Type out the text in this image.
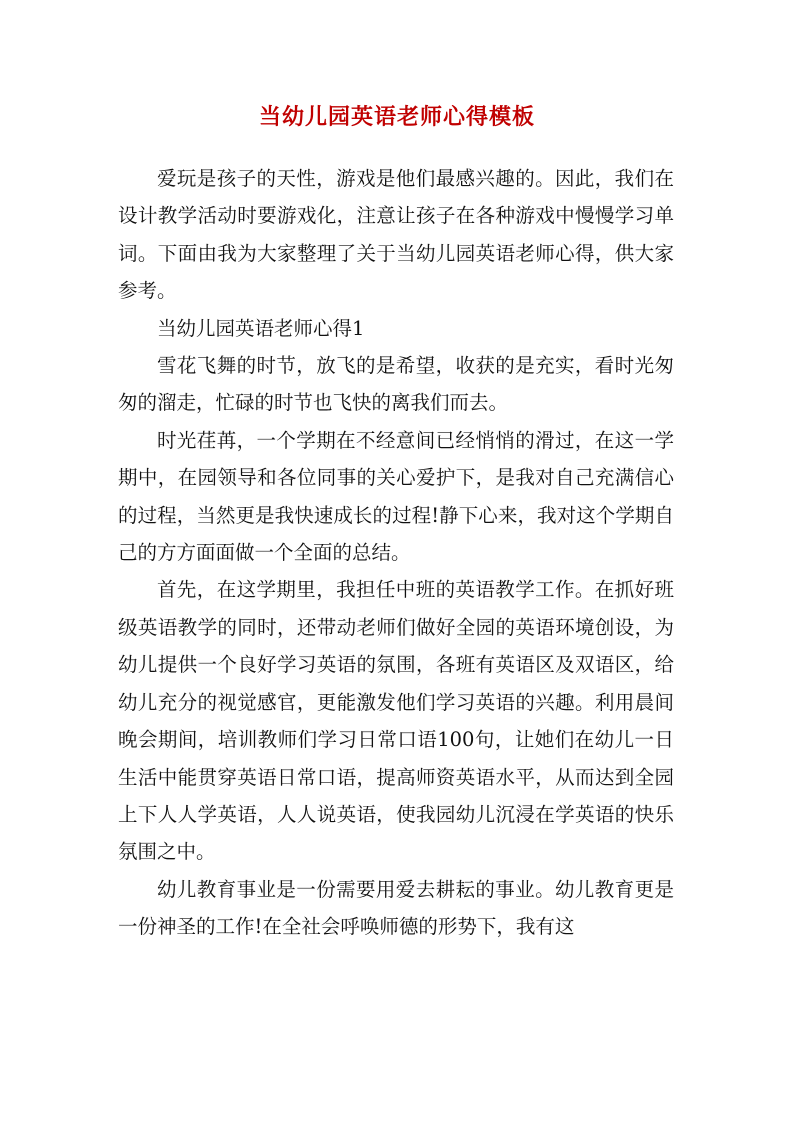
当幼儿园英语老师心得模板

爱玩是孩子的天性，游戏是他们最感兴趣的。因此，我们在设计教学活动时要游戏化，注意让孩子在各种游戏中慢慢学习单词。下面由我为大家整理了关于当幼儿园英语老师心得，供大家参考。

当幼儿园英语老师心得1

雪花飞舞的时节，放飞的是希望，收获的是充实，看时光匆匆的溜走，忙碌的时节也飞快的离我们而去。

时光荏苒，一个学期在不经意间已经悄悄的滑过，在这一学期中，在园领导和各位同事的关心爱护下，是我对自己充满信心的过程，当然更是我快速成长的过程!静下心来，我对这个学期自己的方方面面做一个全面的总结。

首先，在这学期里，我担任中班的英语教学工作。在抓好班级英语教学的同时，还带动老师们做好全园的英语环境创设，为幼儿提供一个良好学习英语的氛围，各班有英语区及双语区，给幼儿充分的视觉感官，更能激发他们学习英语的兴趣。利用晨间晚会期间，培训教师们学习日常口语100句，让她们在幼儿一日生活中能贯穿英语日常口语，提高师资英语水平，从而达到全园上下人人学英语，人人说英语，使我园幼儿沉浸在学英语的快乐氛围之中。

幼儿教育事业是一份需要用爱去耕耘的事业。幼儿教育更是一份神圣的工作!在全社会呼唤师德的形势下，我有这
